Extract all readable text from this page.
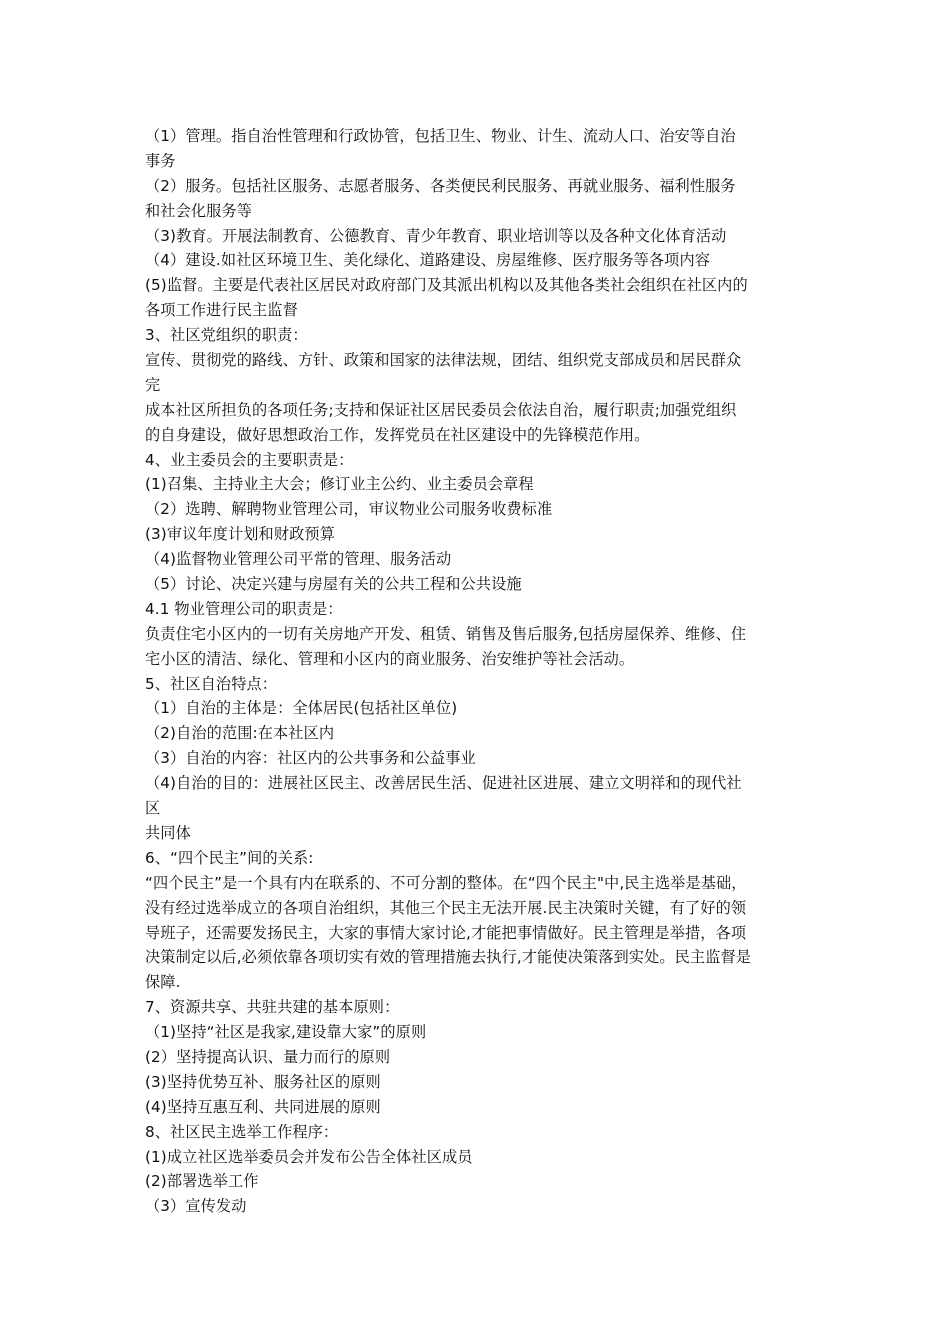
（1）管理。指自治性管理和行政协管，包括卫生、物业、计生、流动人口、治安等自治
事务
（2）服务。包括社区服务、志愿者服务、各类便民利民服务、再就业服务、福利性服务
和社会化服务等
（3)教育。开展法制教育、公德教育、青少年教育、职业培训等以及各种文化体育活动
（4）建设.如社区环境卫生、美化绿化、道路建设、房屋维修、医疗服务等各项内容
(5)监督。主要是代表社区居民对政府部门及其派出机构以及其他各类社会组织在社区内的
各项工作进行民主监督
3、社区党组织的职责：
宣传、贯彻党的路线、方针、政策和国家的法律法规，团结、组织党支部成员和居民群众
完
成本社区所担负的各项任务;支持和保证社区居民委员会依法自治，履行职责;加强党组织
的自身建设，做好思想政治工作，发挥党员在社区建设中的先锋模范作用。
4、业主委员会的主要职责是：
(1)召集、主持业主大会；修订业主公约、业主委员会章程
（2）选聘、解聘物业管理公司，审议物业公司服务收费标准
(3)审议年度计划和财政预算
（4)监督物业管理公司平常的管理、服务活动
（5）讨论、决定兴建与房屋有关的公共工程和公共设施
4.1 物业管理公司的职责是：
负责住宅小区内的一切有关房地产开发、租赁、销售及售后服务,包括房屋保养、维修、住
宅小区的清洁、绿化、管理和小区内的商业服务、治安维护等社会活动。
5、社区自治特点：
（1）自治的主体是：全体居民(包括社区单位)
（2)自治的范围:在本社区内
（3）自治的内容：社区内的公共事务和公益事业
（4)自治的目的：进展社区民主、改善居民生活、促进社区进展、建立文明祥和的现代社
区
共同体
6、“四个民主”间的关系:
“四个民主”是一个具有内在联系的、不可分割的整体。在“四个民主"中,民主选举是基础，
没有经过选举成立的各项自治组织，其他三个民主无法开展.民主决策时关键，有了好的领
导班子，还需要发扬民主，大家的事情大家讨论,才能把事情做好。民主管理是举措，各项
决策制定以后,必须依靠各项切实有效的管理措施去执行,才能使决策落到实处。民主监督是
保障.
7、资源共享、共驻共建的基本原则：
（1)坚持“社区是我家,建设靠大家”的原则
(2）坚持提高认识、量力而行的原则
(3)坚持优势互补、服务社区的原则
(4)坚持互惠互利、共同进展的原则
8、社区民主选举工作程序：
(1)成立社区选举委员会并发布公告全体社区成员
(2)部署选举工作
（3）宣传发动
